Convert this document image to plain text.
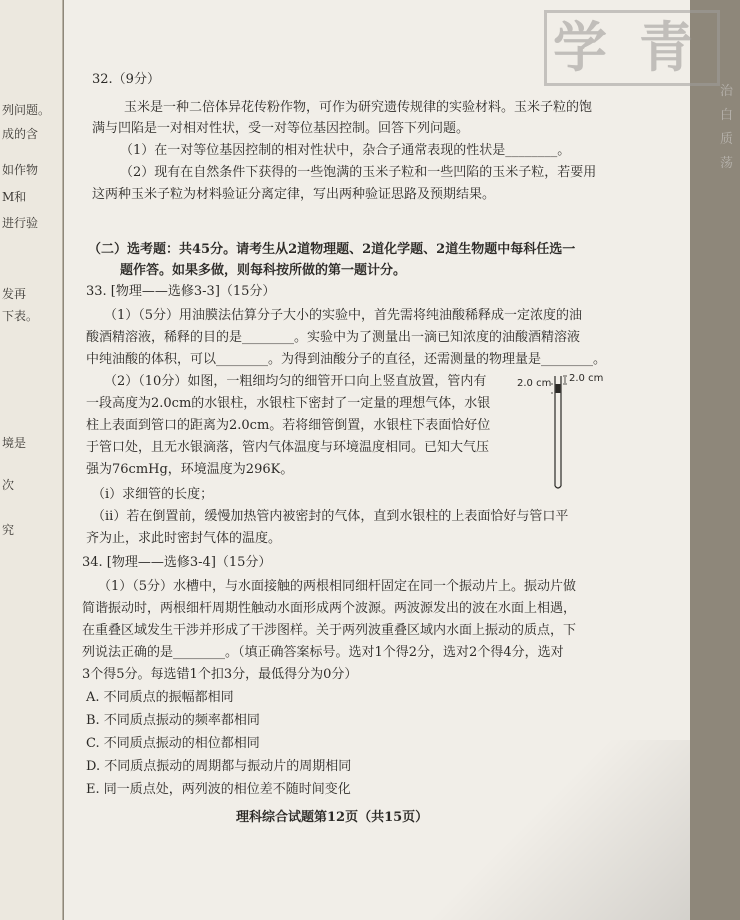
列问题。
成的含
如作物
M和
进行验
发再
下表。
境是
次
究
学 青
治
白
质
荡
32.（9分）
玉米是一种二倍体异花传粉作物，可作为研究遗传规律的实验材料。玉米子粒的饱
满与凹陷是一对相对性状，受一对等位基因控制。回答下列问题。
（1）在一对等位基因控制的相对性状中，杂合子通常表现的性状是________。
（2）现有在自然条件下获得的一些饱满的玉米子粒和一些凹陷的玉米子粒，若要用
这两种玉米子粒为材料验证分离定律，写出两种验证思路及预期结果。
（二）选考题：共45分。请考生从2道物理题、2道化学题、2道生物题中每科任选一
题作答。如果多做，则每科按所做的第一题计分。
33. [物理——选修3-3]（15分）
（1）（5分）用油膜法估算分子大小的实验中，首先需将纯油酸稀释成一定浓度的油
酸酒精溶液，稀释的目的是________。实验中为了测量出一滴已知浓度的油酸酒精溶液
中纯油酸的体积，可以________。为得到油酸分子的直径，还需测量的物理量是________。
（2）（10分）如图，一粗细均匀的细管开口向上竖直放置，管内有
一段高度为2.0cm的水银柱，水银柱下密封了一定量的理想气体，水银
柱上表面到管口的距离为2.0cm。若将细管倒置，水银柱下表面恰好位
于管口处，且无水银滴落，管内气体温度与环境温度相同。已知大气压
强为76cmHg，环境温度为296K。
（i）求细管的长度；
（ii）若在倒置前，缓慢加热管内被密封的气体，直到水银柱的上表面恰好与管口平
齐为止，求此时密封气体的温度。
2.0 cm 2.0 cm
34. [物理——选修3-4]（15分）
（1）（5分）水槽中，与水面接触的两根相同细杆固定在同一个振动片上。振动片做
简谐振动时，两根细杆周期性触动水面形成两个波源。两波源发出的波在水面上相遇，
在重叠区域发生干涉并形成了干涉图样。关于两列波重叠区域内水面上振动的质点，下
列说法正确的是________。（填正确答案标号。选对1个得2分，选对2个得4分，选对
3个得5分。每选错1个扣3分，最低得分为0分）
A. 不同质点的振幅都相同
B. 不同质点振动的频率都相同
C. 不同质点振动的相位都相同
D. 不同质点振动的周期都与振动片的周期相同
E. 同一质点处，两列波的相位差不随时间变化
理科综合试题第12页（共15页）
